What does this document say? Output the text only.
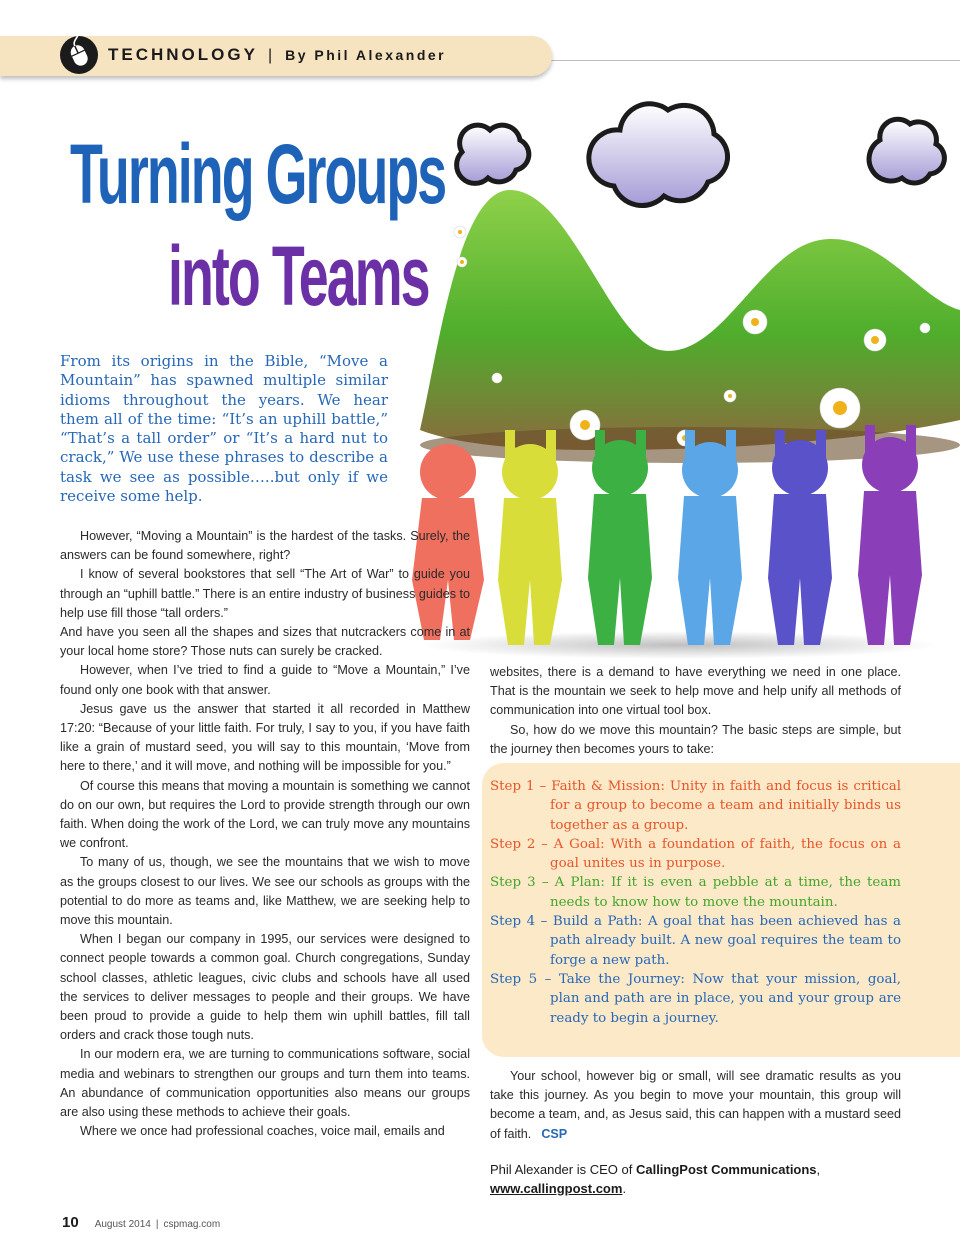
TECHNOLOGY | By Phil Alexander
Turning Groups
into Teams

From its origins in the Bible, “Move a Mountain” has spawned multiple similar idioms throughout the years. We hear them all of the time: “It’s an uphill battle,” “That’s a tall order” or “It’s a hard nut to crack,” We use these phrases to describe a task we see as possible…..but only if we receive some help.

However, “Moving a Mountain” is the hardest of the tasks. Surely, the answers can be found somewhere, right?

I know of several bookstores that sell “The Art of War” to guide you through an “uphill battle.” There is an entire industry of business guides to help use fill those “tall orders.”

And have you seen all the shapes and sizes that nutcrackers come in at your local home store? Those nuts can surely be cracked.

However, when I’ve tried to find a guide to “Move a Mountain,” I’ve found only one book with that answer.

Jesus gave us the answer that started it all recorded in Matthew 17:20: “Because of your little faith. For truly, I say to you, if you have faith like a grain of mustard seed, you will say to this mountain, ‘Move from here to there,’ and it will move, and nothing will be impossible for you.”

Of course this means that moving a mountain is something we cannot do on our own, but requires the Lord to provide strength through our own faith. When doing the work of the Lord, we can truly move any mountains we confront.

To many of us, though, we see the mountains that we wish to move as the groups closest to our lives. We see our schools as groups with the potential to do more as teams and, like Matthew, we are seeking help to move this mountain.

When I began our company in 1995, our services were designed to connect people towards a common goal. Church congregations, Sunday school classes, athletic leagues, civic clubs and schools have all used the services to deliver messages to people and their groups. We have been proud to provide a guide to help them win uphill battles, fill tall orders and crack those tough nuts.

In our modern era, we are turning to communications software, social media and webinars to strengthen our groups and turn them into teams. An abundance of communication opportunities also means our groups are also using these methods to achieve their goals.

Where we once had professional coaches, voice mail, emails and

websites, there is a demand to have everything we need in one place. That is the mountain we seek to help move and help unify all methods of communication into one virtual tool box.

So, how do we move this mountain? The basic steps are simple, but the journey then becomes yours to take:

Step 1 – Faith & Mission: Unity in faith and focus is critical for a group to become a team and initially binds us together as a group.
Step 2 – A Goal: With a foundation of faith, the focus on a goal unites us in purpose.
Step 3 – A Plan: If it is even a pebble at a time, the team needs to know how to move the mountain.
Step 4 – Build a Path: A goal that has been achieved has a path already built. A new goal requires the team to forge a new path.
Step 5 – Take the Journey: Now that your mission, goal, plan and path are in place, you and your group are ready to begin a journey.

Your school, however big or small, will see dramatic results as you take this journey. As you begin to move your mountain, this group will become a team, and, as Jesus said, this can happen with a mustard seed of faith. CSP

Phil Alexander is CEO of CallingPost Communications,
www.callingpost.com.
10 August 2014 | cspmag.com
